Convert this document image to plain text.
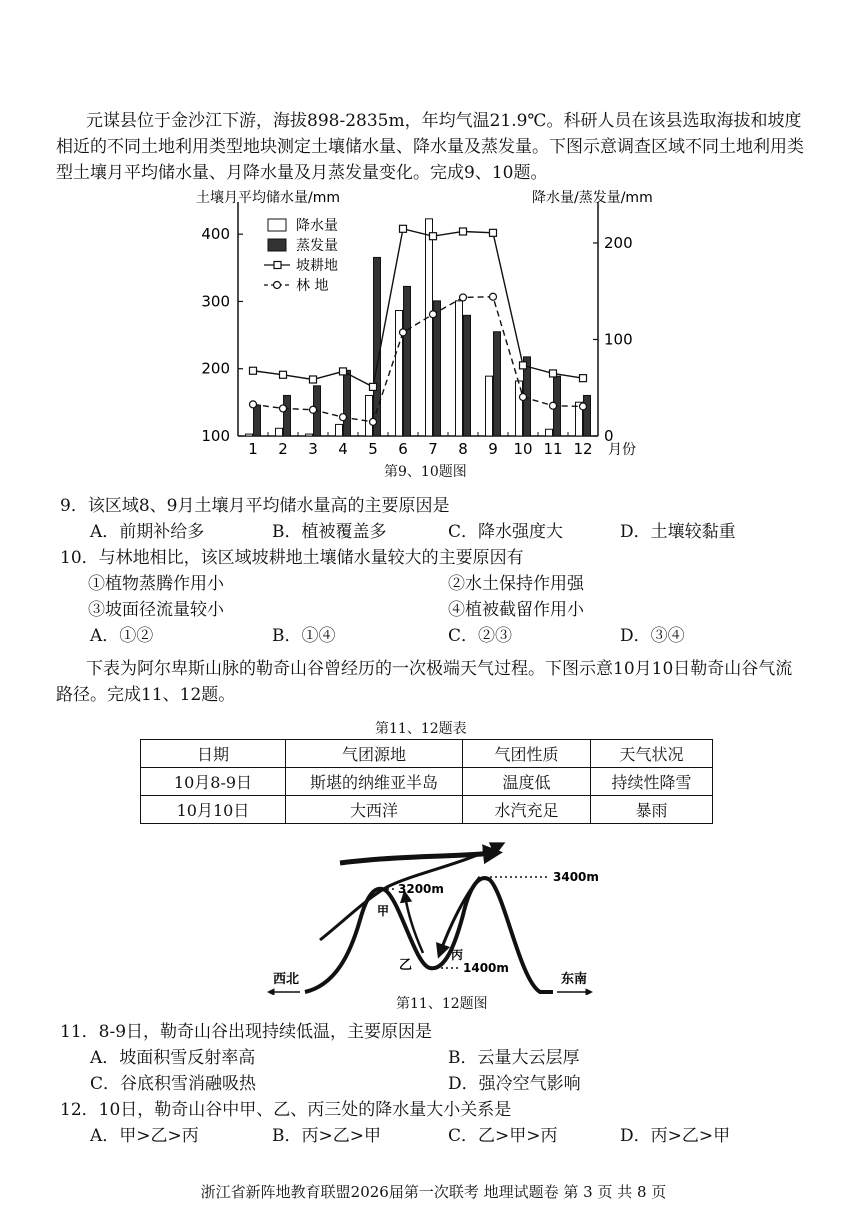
元谋县位于金沙江下游，海拔898-2835m，年均气温21.9℃。科研人员在该县选取海拔和坡度相近的不同土地利用类型地块测定土壤储水量、降水量及蒸发量。下图示意调查区域不同土地利用类型土壤月平均储水量、月降水量及月蒸发量变化。完成9、10题。
土壤月平均储水量/mm	降水量/蒸发量/mm
月份
100
200
300
400
0
100
200
1 2 3 4 5 6 7 8 9 10 11 12
降水量
蒸发量
坡耕地
林 地
第9、10题图
9．该区域8、9月土壤月平均储水量高的主要原因是
A．前期补给多	B．植被覆盖多	C．降水强度大	D．土壤较黏重
10．与林地相比，该区域坡耕地土壤储水量较大的主要原因有
①植物蒸腾作用小	②水土保持作用强
③坡面径流量较小	④植被截留作用小
A．①②	B．①④	C．②③	D．③④
下表为阿尔卑斯山脉的勒奇山谷曾经历的一次极端天气过程。下图示意10月10日勒奇山谷气流路径。完成11、12题。
第11、12题表
日期	气团源地	气团性质	天气状况
10月8-9日	斯堪的纳维亚半岛	温度低	持续性降雪
10月10日	大西洋	水汽充足	暴雨
3400m
3200m
1400m
甲
乙
丙
西北	东南
第11、12题图
11．8-9日，勒奇山谷出现持续低温，主要原因是
A．坡面积雪反射率高	B．云量大云层厚
C．谷底积雪消融吸热	D．强冷空气影响
12．10日，勒奇山谷中甲、乙、丙三处的降水量大小关系是
A．甲>乙>丙	B．丙>乙>甲	C．乙>甲>丙	D．丙>乙>甲
浙江省新阵地教育联盟2026届第一次联考 地理试题卷 第 3 页 共 8 页
